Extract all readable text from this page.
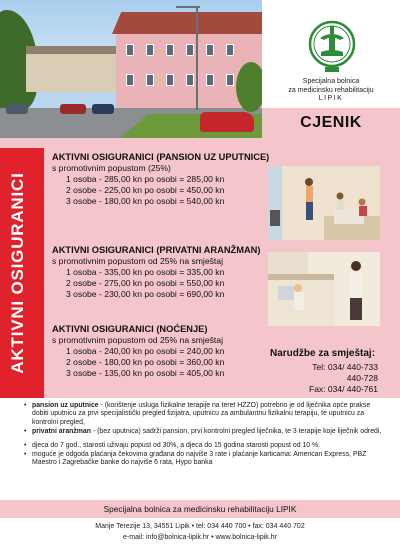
Specijalna bolnica
za medicinsku rehabilitaciju
LIPIK
CJENIK
AKTIVNI OSIGURANICI
AKTIVNI OSIGURANICI (PANSION UZ UPUTNICE)
s promotivnim popustom (25%)
1 osoba - 285,00 kn po osobi = 285,00 kn
2 osobe - 225,00 kn po osobi = 450,00 kn
3 osobe - 180,00 kn po osobi = 540,00 kn
AKTIVNI OSIGURANICI (PRIVATNI ARANŽMAN)
s promotivnim popustom od 25% na smještaj
1 osoba - 335,00 kn po osobi = 335,00 kn
2 osobe - 275,00 kn po osobi = 550,00 kn
3 osobe - 230,00 kn po osobi = 690,00 kn
AKTIVNI OSIGURANICI (NOĆENJE)
s promotivnim popustom od 25% na smještaj
1 osoba - 240,00 kn po osobi = 240,00 kn
2 osobe - 180,00 kn po osobi = 360,00 kn
3 osobe - 135,00 kn po osobi = 405,00 kn
Narudžbe za smještaj:
Tel: 034/ 440-733
440-728
Fax: 034/ 440-761
• pansion uz uputnice - (korištenje usluga fizikalne terapije na teret HZZO) potrebno je od liječnika opće prakse dobiti uputnicu za prvi specijalistički pregled fizijatra, uputnicu za ambulantnu fizikalnu terapiju, te uputnicu za kontrolni pregled,
• privatni aranžman - (bez uputnica) sadrži pansion, prvi kontrolni pregled liječnika, te 3 terapije koje liječnik odredi,
• djeca do 7 god., starosti uživaju popust od 30%, a djeca do 15 godina starosti popust od 10 %.
• moguće je odgoda plaćanja čekovima građana do najviše 3 rate i plaćanje karticama: American Express, PBZ Maestro i Zagrebačke banke do najviše 6 rata, Hypo banka
Specijalna bolnica za medicinsku rehabilitaciju LIPIK
Marije Terezije 13, 34551 Lipik • tel: 034 440 700 • fax: 034 440 702
e-mail: info@bolnica-lipik.hr • www.bolnica-lipik.hr
